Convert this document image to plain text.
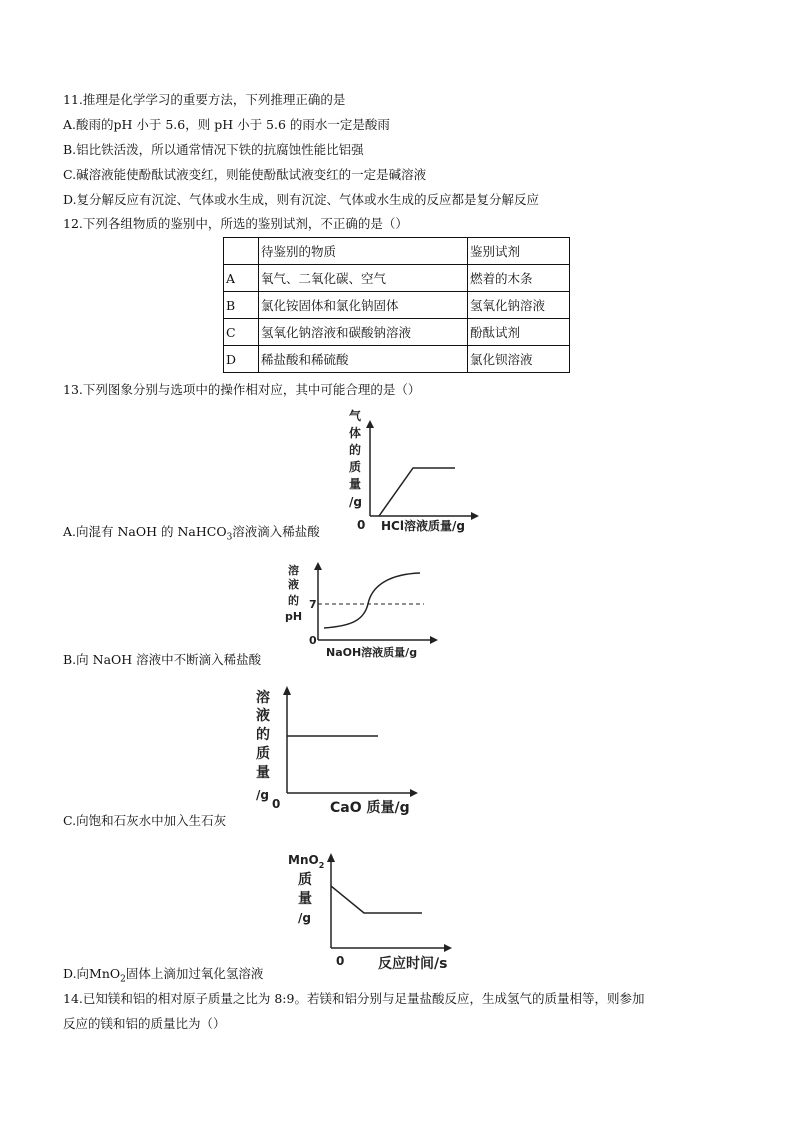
11.推理是化学学习的重要方法，下列推理正确的是
A.酸雨的pH 小于 5.6，则 pH 小于 5.6 的雨水一定是酸雨
B.铝比铁活泼，所以通常情况下铁的抗腐蚀性能比铝强
C.碱溶液能使酚酞试液变红，则能使酚酞试液变红的一定是碱溶液
D.复分解反应有沉淀、气体或水生成，则有沉淀、气体或水生成的反应都是复分解反应
12.下列各组物质的鉴别中，所选的鉴别试剂，不正确的是（）
	待鉴别的物质	鉴别试剂
A	氧气、二氧化碳、空气	燃着的木条
B	氯化铵固体和氯化钠固体	氢氧化钠溶液
C	氢氧化钠溶液和碳酸钠溶液	酚酞试剂
D	稀盐酸和稀硫酸	氯化钡溶液
13.下列图象分别与选项中的操作相对应，其中可能合理的是（）
气
体
的
质
量
/g
0 HCl溶液质量/g
A.向混有 NaOH 的 NaHCO$_3$溶液滴入稀盐酸
溶
液
的
pH
7
0
NaOH溶液质量/g
B.向 NaOH 溶液中不断滴入稀盐酸
溶
液
的
质
量
/g
0	CaO 质量/g
C.向饱和石灰水中加入生石灰
MnO$_2$
质
量
/g
0 反应时间/s
D.向MnO$_2$固体上滴加过氧化氢溶液
14.已知镁和铝的相对原子质量之比为 8:9。若镁和铝分别与足量盐酸反应，生成氢气的质量相等，则参加
反应的镁和铝的质量比为（）
